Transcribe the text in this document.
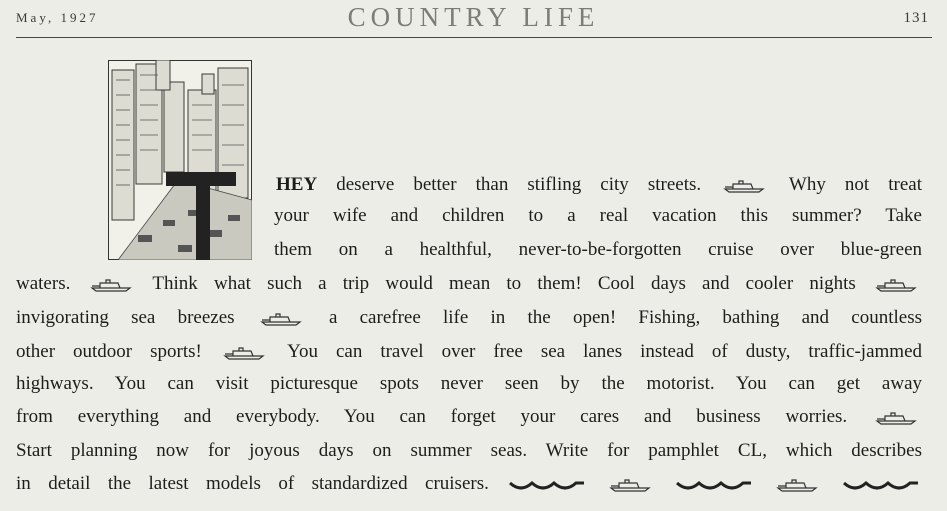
May, 1927	COUNTRY LIFE	131
HEY deserve better than stifling city streets.	Why not treat
your wife and children to a real vacation this summer? Take
them on a healthful, never-to-be-forgotten cruise over blue-green
waters.	Think what such a trip would mean to them! Cool days and cooler nights
invigorating sea breezes	a carefree life in the open! Fishing, bathing and countless
other outdoor sports!	You can travel over free sea lanes instead of dusty, traffic-jammed
highways. You can visit picturesque spots never seen by the motorist. You can get away
from everything and everybody. You can forget your cares and business worries.
Start planning now for joyous days on summer seas. Write for pamphlet CL, which describes
in detail the latest models of standardized cruisers.
